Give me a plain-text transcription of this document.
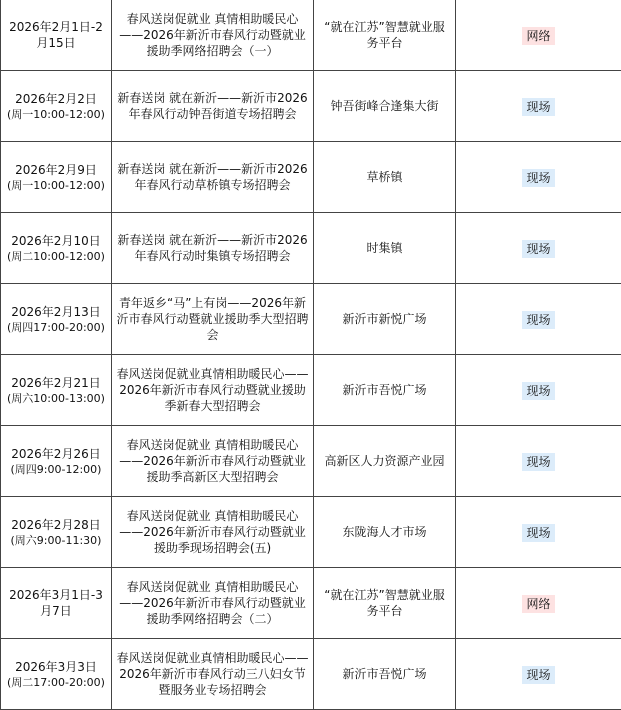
2026年2月1日-2月15日	春风送岗促就业 真情相助暖民心——2026年新沂市春风行动暨就业援助季网络招聘会（一）	“就在江苏”智慧就业服务平台	网络

2026年2月2日
(周一10:00-12:00)	新春送岗 就在新沂——新沂市2026年春风行动钟吾街道专场招聘会	钟吾街峰合逢集大街	现场

2026年2月9日
(周一10:00-12:00)	新春送岗 就在新沂——新沂市2026年春风行动草桥镇专场招聘会	草桥镇	现场

2026年2月10日
(周二10:00-12:00)	新春送岗 就在新沂——新沂市2026年春风行动时集镇专场招聘会	时集镇	现场

2026年2月13日
(周四17:00-20:00)	青年返乡“马”上有岗——2026年新沂市春风行动暨就业援助季大型招聘会	新沂市新悦广场	现场

2026年2月21日
(周六10:00-13:00)	春风送岗促就业真情相助暖民心——2026年新沂市春风行动暨就业援助季新春大型招聘会	新沂市吾悦广场	现场

2026年2月26日
(周四9:00-12:00)	春风送岗促就业 真情相助暖民心——2026年新沂市春风行动暨就业援助季高新区大型招聘会	高新区人力资源产业园	现场

2026年2月28日
(周六9:00-11:30)	春风送岗促就业 真情相助暖民心——2026年新沂市春风行动暨就业援助季现场招聘会(五)	东陇海人才市场	现场

2026年3月1日-3月7日	春风送岗促就业 真情相助暖民心——2026年新沂市春风行动暨就业援助季网络招聘会（二）	“就在江苏”智慧就业服务平台	网络

2026年3月3日
(周二17:00-20:00)	春风送岗促就业真情相助暖民心——2026年新沂市春风行动三八妇女节暨服务业专场招聘会	新沂市吾悦广场	现场
